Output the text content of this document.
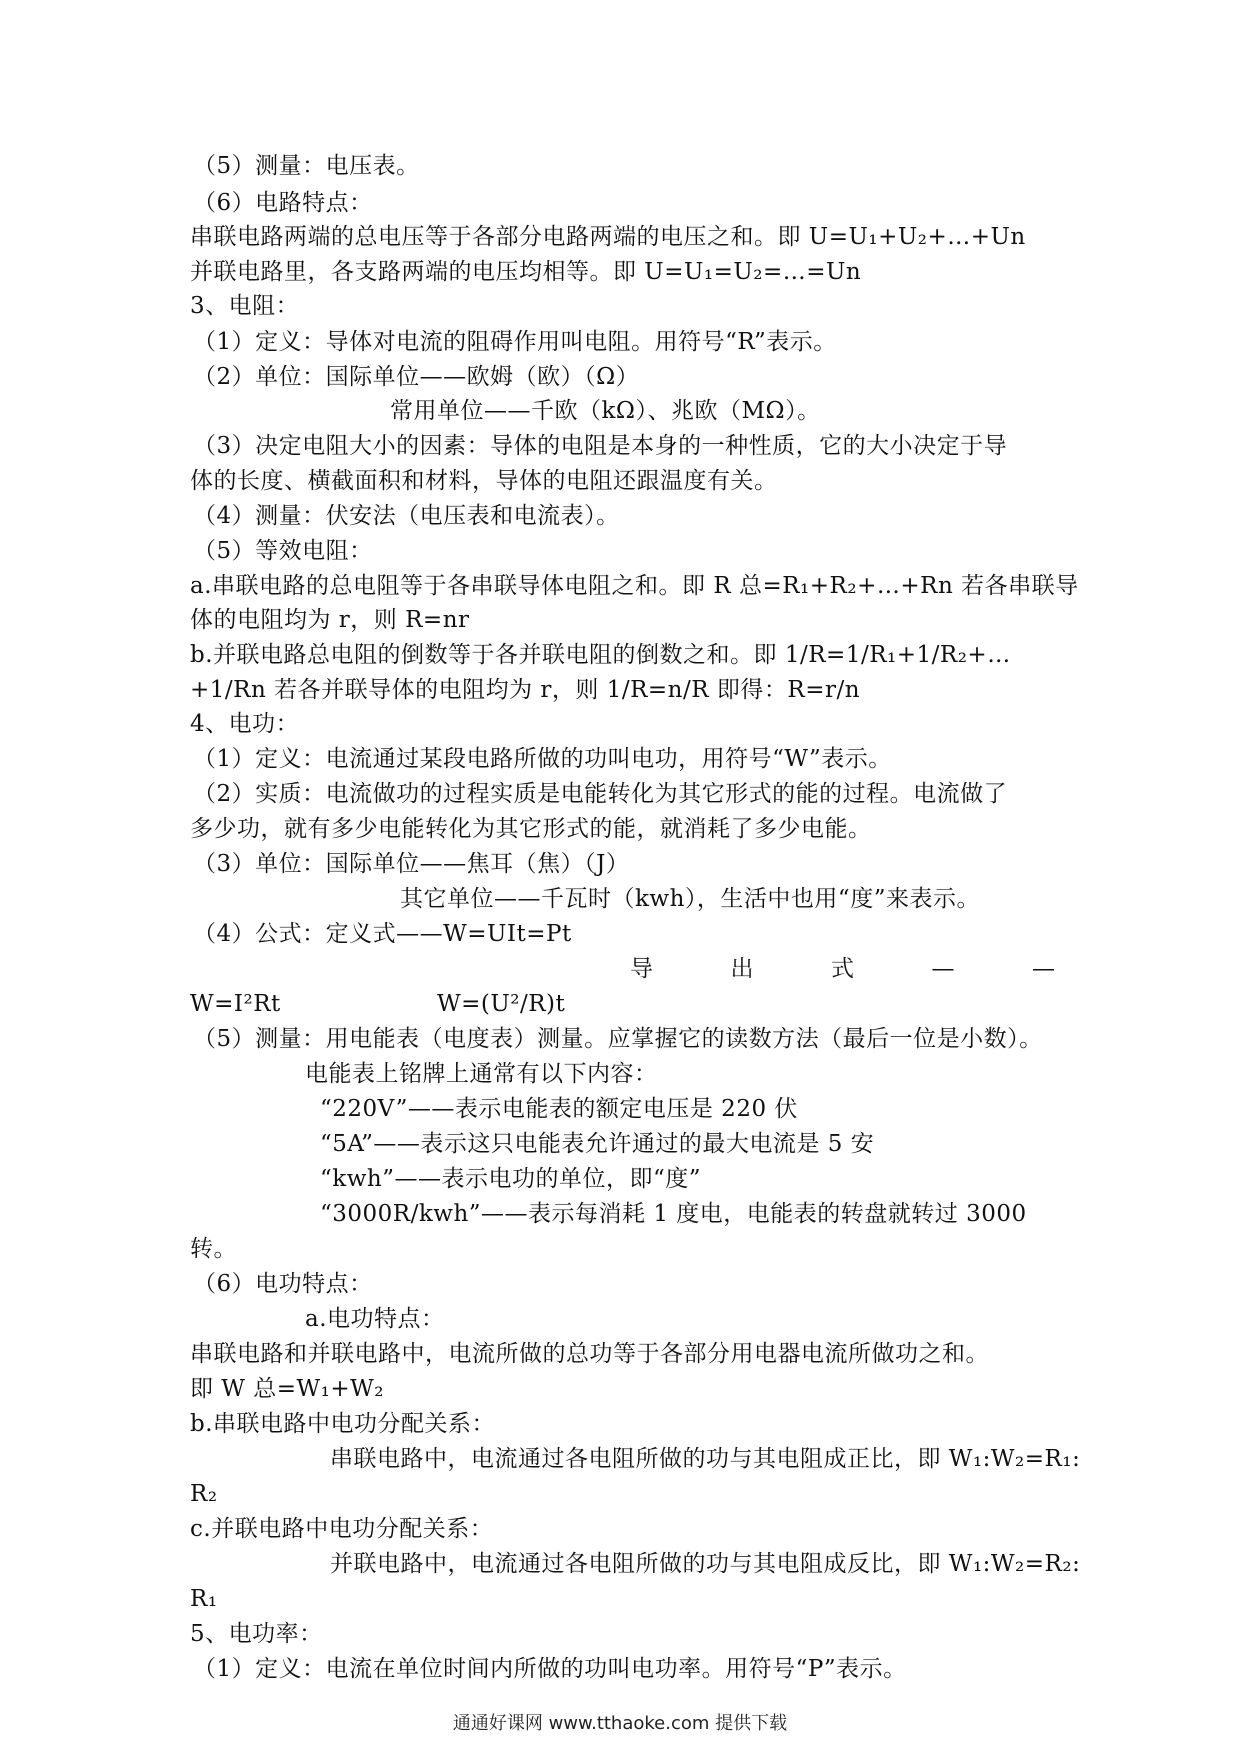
（5）测量：电压表。
（6）电路特点：
串联电路两端的总电压等于各部分电路两端的电压之和。即 U=U₁+U₂+…+Un
并联电路里，各支路两端的电压均相等。即 U=U₁=U₂=…=Un
3、电阻：
（1）定义：导体对电流的阻碍作用叫电阻。用符号“R”表示。
（2）单位：国际单位——欧姆（欧）（Ω）
常用单位——千欧（kΩ）、兆欧（MΩ）。
（3）决定电阻大小的因素：导体的电阻是本身的一种性质，它的大小决定于导
体的长度、横截面积和材料，导体的电阻还跟温度有关。
（4）测量：伏安法（电压表和电流表）。
（5）等效电阻：
a.串联电路的总电阻等于各串联导体电阻之和。即 R 总=R₁+R₂+…+Rn 若各串联导
体的电阻均为 r，则 R=nr
b.并联电路总电阻的倒数等于各并联电阻的倒数之和。即 1/R=1/R₁+1/R₂+…
+1/Rn 若各并联导体的电阻均为 r，则 1/R=n/R 即得：R=r/n
4、电功：
（1）定义：电流通过某段电路所做的功叫电功，用符号“W”表示。
（2）实质：电流做功的过程实质是电能转化为其它形式的能的过程。电流做了
多少功，就有多少电能转化为其它形式的能，就消耗了多少电能。
（3）单位：国际单位——焦耳（焦）（J）
其它单位——千瓦时（kwh），生活中也用“度”来表示。
（4）公式：定义式——W=UIt=Pt
导	出	式	—	—
W=I²Rt                    W=(U²/R)t
（5）测量：用电能表（电度表）测量。应掌握它的读数方法（最后一位是小数）。
电能表上铭牌上通常有以下内容：
“220V”——表示电能表的额定电压是 220 伏
“5A”——表示这只电能表允许通过的最大电流是 5 安
“kwh”——表示电功的单位，即“度”
“3000R/kwh”——表示每消耗 1 度电，电能表的转盘就转过 3000
转。
（6）电功特点：
a.电功特点：
串联电路和并联电路中，电流所做的总功等于各部分用电器电流所做功之和。
即 W 总=W₁+W₂
b.串联电路中电功分配关系：
串联电路中，电流通过各电阻所做的功与其电阻成正比，即 W₁:W₂=R₁:
R₂
c.并联电路中电功分配关系：
并联电路中，电流通过各电阻所做的功与其电阻成反比，即 W₁:W₂=R₂:
R₁
5、电功率：
（1）定义：电流在单位时间内所做的功叫电功率。用符号“P”表示。
通通好课网 www.tthaoke.com 提供下载
